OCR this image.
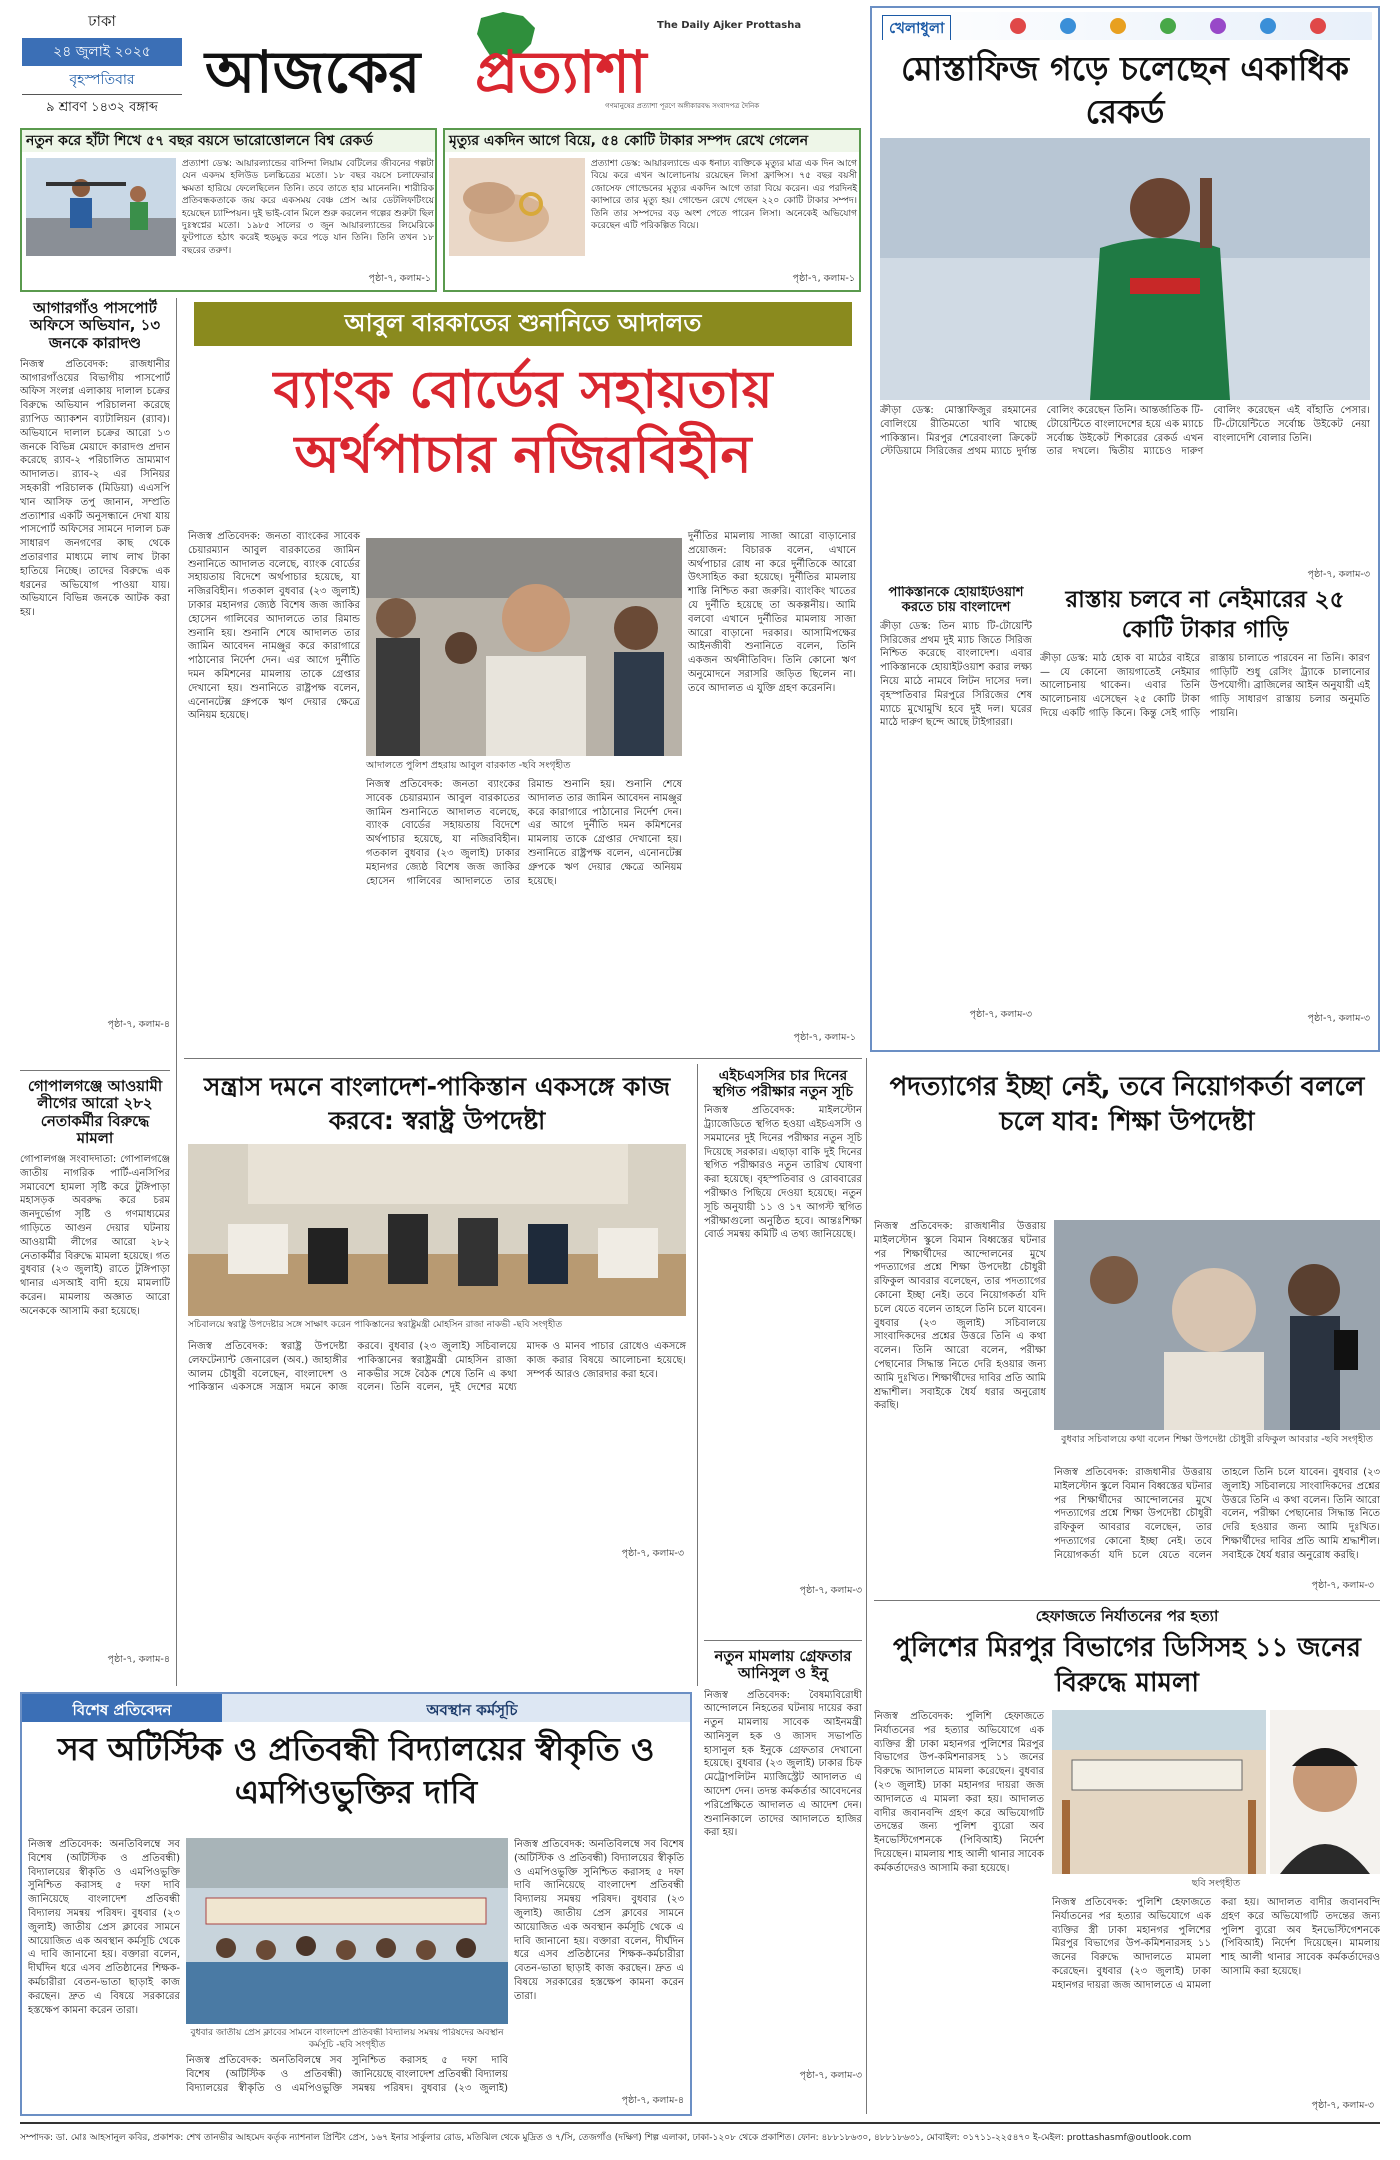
ঢাকা
২৪ জুলাই ২০২৫
বৃহস্পতিবার
৯ শ্রাবণ ১৪৩২ বঙ্গাব্দ
আজকের প্রত্যাশা
The Daily Ajker Prottasha
গণমানুষের প্রত্যাশা পূরণে অঙ্গীকারবদ্ধ সংবাদপত্র দৈনিক
নতুন করে হাঁটা শিখে ৫৭ বছর বয়সে ভারোত্তোলনে বিশ্ব রেকর্ড
প্রত্যাশা ডেস্ক: আয়ারল্যান্ডের বাসিন্দা লিয়াম বেটিলের জীবনের গল্পটা যেন একদম হলিউড চলচ্চিত্রের মতো। ১৮ বছর বয়সে চলাফেরার ক্ষমতা হারিয়ে ফেলেছিলেন তিনি। তবে তাতে হার মানেননি। শারীরিক প্রতিবন্ধকতাকে জয় করে একসময় বেঞ্চ প্রেস আর ডেটলিফটিংয়ে হয়েছেন চ্যাম্পিয়ন। দুই ভাই-বোন মিলে শুরু করলেন গল্পের শুরুটা ছিল দুঃস্বপ্নের মতো। ১৯৮৫ সালের ৩ জুন আয়ারল্যান্ডের লিমেরিকে ফুটপাতে হঠাৎ করেই হুড়মুড় করে পড়ে যান তিনি। তিনি তখন ১৮ বছরের তরুণ।
পৃষ্ঠা-৭, কলাম-১
মৃত্যুর একদিন আগে বিয়ে, ৫৪ কোটি টাকার সম্পদ রেখে গেলেন
প্রত্যাশা ডেস্ক: আয়ারল্যান্ডে এক ধনাঢ্য ব্যক্তিকে মৃত্যুর মাত্র এক দিন আগে বিয়ে করে এখন আলোচনায় রয়েছেন লিসা ফ্রান্সিস। ৭৫ বছর বয়সী জোসেফ গোল্ডেনের মৃত্যুর একদিন আগে তারা বিয়ে করেন। এর পরদিনই ক্যান্সারে তার মৃত্যু হয়। গোল্ডেন রেখে গেছেন ২২০ কোটি টাকার সম্পদ। তিনি তার সম্পদের বড় অংশ পেতে পারেন লিসা। অনেকেই অভিযোগ করেছেন এটি পরিকল্পিত বিয়ে।
পৃষ্ঠা-৭, কলাম-১
আগারগাঁও পাসপোর্ট অফিসে অভিযান, ১৩ জনকে কারাদণ্ড
নিজস্ব প্রতিবেদক: রাজধানীর আগারগাঁওয়ের বিভাগীয় পাসপোর্ট অফিস সংলগ্ন এলাকায় দালাল চক্রের বিরুদ্ধে অভিযান পরিচালনা করেছে র‍্যাপিড অ্যাকশন ব্যাটালিয়ন (র‍্যাব)। অভিযানে দালাল চক্রের আরো ১৩ জনকে বিভিন্ন মেয়াদে কারাদণ্ড প্রদান করেছে র‍্যাব-২ পরিচালিত ভ্রাম্যমাণ আদালত। র‍্যাব-২ এর সিনিয়র সহকারী পরিচালক (মিডিয়া) এএসপি খান আসিফ তপু জানান, সম্প্রতি প্রত্যাশার একটি অনুসন্ধানে দেখা যায় পাসপোর্ট অফিসের সামনে দালাল চক্র সাধারণ জনগণের কাছ থেকে প্রতারণার মাধ্যমে লাখ লাখ টাকা হাতিয়ে নিচ্ছে। তাদের বিরুদ্ধে এক ধরনের অভিযোগ পাওয়া যায়। অভিযানে বিভিন্ন জনকে আটক করা হয়।
পৃষ্ঠা-৭, কলাম-৪
গোপালগঞ্জে আওয়ামী লীগের আরো ২৮২ নেতাকর্মীর বিরুদ্ধে মামলা
গোপালগঞ্জ সংবাদদাতা: গোপালগঞ্জে জাতীয় নাগরিক পার্টি-এনসিপির সমাবেশে হামলা সৃষ্টি করে টুঙ্গিপাড়া মহাসড়ক অবরুদ্ধ করে চরম জনদুর্ভোগ সৃষ্টি ও গণমাধ্যমের গাড়িতে আগুন দেয়ার ঘটনায় আওয়ামী লীগের আরো ২৮২ নেতাকর্মীর বিরুদ্ধে মামলা হয়েছে। গত বুধবার (২৩ জুলাই) রাতে টুঙ্গিপাড়া থানার এসআই বাদী হয়ে মামলাটি করেন। মামলায় অজ্ঞাত আরো অনেককে আসামি করা হয়েছে।
পৃষ্ঠা-৭, কলাম-৪
আবুল বারকাতের শুনানিতে আদালত
ব্যাংক বোর্ডের সহায়তায় অর্থপাচার নজিরবিহীন
নিজস্ব প্রতিবেদক: জনতা ব্যাংকের সাবেক চেয়ারম্যান আবুল বারকাতের জামিন শুনানিতে আদালত বলেছে, ব্যাংক বোর্ডের সহায়তায় বিদেশে অর্থপাচার হয়েছে, যা নজিরবিহীন। গতকাল বুধবার (২৩ জুলাই) ঢাকার মহানগর জ্যেষ্ঠ বিশেষ জজ জাকির হোসেন গালিবের আদালতে তার রিমান্ড শুনানি হয়। শুনানি শেষে আদালত তার জামিন আবেদন নামঞ্জুর করে কারাগারে পাঠানোর নির্দেশ দেন। এর আগে দুর্নীতি দমন কমিশনের মামলায় তাকে গ্রেপ্তার দেখানো হয়। শুনানিতে রাষ্ট্রপক্ষ বলেন, এনোনটেক্স গ্রুপকে ঋণ দেয়ার ক্ষেত্রে অনিয়ম হয়েছে।
আদালতে পুলিশ প্রহরায় আবুল বারকাত -ছবি সংগৃহীত
নিজস্ব প্রতিবেদক: জনতা ব্যাংকের সাবেক চেয়ারম্যান আবুল বারকাতের জামিন শুনানিতে আদালত বলেছে, ব্যাংক বোর্ডের সহায়তায় বিদেশে অর্থপাচার হয়েছে, যা নজিরবিহীন। গতকাল বুধবার (২৩ জুলাই) ঢাকার মহানগর জ্যেষ্ঠ বিশেষ জজ জাকির হোসেন গালিবের আদালতে তার রিমান্ড শুনানি হয়। শুনানি শেষে আদালত তার জামিন আবেদন নামঞ্জুর করে কারাগারে পাঠানোর নির্দেশ দেন। এর আগে দুর্নীতি দমন কমিশনের মামলায় তাকে গ্রেপ্তার দেখানো হয়। শুনানিতে রাষ্ট্রপক্ষ বলেন, এনোনটেক্স গ্রুপকে ঋণ দেয়ার ক্ষেত্রে অনিয়ম হয়েছে।
দুর্নীতির মামলায় সাজা আরো বাড়ানোর প্রয়োজন: বিচারক বলেন, এখানে অর্থপাচার রোধ না করে দুর্নীতিকে আরো উৎসাহিত করা হয়েছে। দুর্নীতির মামলায় শাস্তি নিশ্চিত করা জরুরি। ব্যাংকিং খাতের যে দুর্নীতি হয়েছে তা অকল্পনীয়। আমি বলবো এখানে দুর্নীতির মামলায় সাজা আরো বাড়ানো দরকার। আসামিপক্ষের আইনজীবী শুনানিতে বলেন, তিনি একজন অর্থনীতিবিদ। তিনি কোনো ঋণ অনুমোদনে সরাসরি জড়িত ছিলেন না। তবে আদালত এ যুক্তি গ্রহণ করেননি।
পৃষ্ঠা-৭, কলাম-১
খেলাধুলা
মোস্তাফিজ গড়ে চলেছেন একাধিক রেকর্ড
ক্রীড়া ডেস্ক: মোস্তাফিজুর রহমানের বোলিংয়ে রীতিমতো খাবি খাচ্ছে পাকিস্তান। মিরপুর শেরেবাংলা ক্রিকেট স্টেডিয়ামে সিরিজের প্রথম ম্যাচে দুর্দান্ত বোলিং করেছেন তিনি। আন্তর্জাতিক টি-টোয়েন্টিতে বাংলাদেশের হয়ে এক ম্যাচে সর্বোচ্চ উইকেট শিকারের রেকর্ড এখন তার দখলে। দ্বিতীয় ম্যাচেও দারুণ বোলিং করেছেন এই বাঁহাতি পেসার। টি-টোয়েন্টিতে সর্বোচ্চ উইকেট নেয়া বাংলাদেশি বোলার তিনি।
পৃষ্ঠা-৭, কলাম-৩
পাকিস্তানকে হোয়াইটওয়াশ করতে চায় বাংলাদেশ
ক্রীড়া ডেস্ক: তিন ম্যাচ টি-টোয়েন্টি সিরিজের প্রথম দুই ম্যাচ জিতে সিরিজ নিশ্চিত করেছে বাংলাদেশ। এবার পাকিস্তানকে হোয়াইটওয়াশ করার লক্ষ্য নিয়ে মাঠে নামবে লিটন দাসের দল। বৃহস্পতিবার মিরপুরে সিরিজের শেষ ম্যাচে মুখোমুখি হবে দুই দল। ঘরের মাঠে দারুণ ছন্দে আছে টাইগাররা।
পৃষ্ঠা-৭, কলাম-৩
রাস্তায় চলবে না নেইমারের ২৫ কোটি টাকার গাড়ি
ক্রীড়া ডেস্ক: মাঠ হোক বা মাঠের বাইরে— যে কোনো জায়গাতেই নেইমার আলোচনায় থাকেন। এবার তিনি আলোচনায় এসেছেন ২৫ কোটি টাকা দিয়ে একটি গাড়ি কিনে। কিন্তু সেই গাড়ি রাস্তায় চালাতে পারবেন না তিনি। কারণ গাড়িটি শুধু রেসিং ট্র্যাকে চালানোর উপযোগী। ব্রাজিলের আইন অনুযায়ী এই গাড়ি সাধারণ রাস্তায় চলার অনুমতি পায়নি।
পৃষ্ঠা-৭, কলাম-৩
সন্ত্রাস দমনে বাংলাদেশ-পাকিস্তান একসঙ্গে কাজ করবে: স্বরাষ্ট্র উপদেষ্টা
সচিবালয়ে স্বরাষ্ট্র উপদেষ্টার সঙ্গে সাক্ষাৎ করেন পাকিস্তানের স্বরাষ্ট্রমন্ত্রী মোহসিন রাজা নাকভী -ছবি সংগৃহীত
নিজস্ব প্রতিবেদক: স্বরাষ্ট্র উপদেষ্টা লেফটেন্যান্ট জেনারেল (অব.) জাহাঙ্গীর আলম চৌধুরী বলেছেন, বাংলাদেশ ও পাকিস্তান একসঙ্গে সন্ত্রাস দমনে কাজ করবে। বুধবার (২৩ জুলাই) সচিবালয়ে পাকিস্তানের স্বরাষ্ট্রমন্ত্রী মোহসিন রাজা নাকভীর সঙ্গে বৈঠক শেষে তিনি এ কথা বলেন। তিনি বলেন, দুই দেশের মধ্যে মাদক ও মানব পাচার রোধেও একসঙ্গে কাজ করার বিষয়ে আলোচনা হয়েছে। সম্পর্ক আরও জোরদার করা হবে।
পৃষ্ঠা-৭, কলাম-৩
এইচএসসির চার দিনের স্থগিত পরীক্ষার নতুন সূচি
নিজস্ব প্রতিবেদক: মাইলস্টোন ট্র্যাজেডিতে স্থগিত হওয়া এইচএসসি ও সমমানের দুই দিনের পরীক্ষার নতুন সূচি দিয়েছে সরকার। এছাড়া বাকি দুই দিনের স্থগিত পরীক্ষারও নতুন তারিখ ঘোষণা করা হয়েছে। বৃহস্পতিবার ও রোববারের পরীক্ষাও পিছিয়ে দেওয়া হয়েছে। নতুন সূচি অনুযায়ী ১১ ও ১৭ আগস্ট স্থগিত পরীক্ষাগুলো অনুষ্ঠিত হবে। আন্তঃশিক্ষা বোর্ড সমন্বয় কমিটি এ তথ্য জানিয়েছে।
পৃষ্ঠা-৭, কলাম-৩
নতুন মামলায় গ্রেফতার আনিসুল ও ইনু
নিজস্ব প্রতিবেদক: বৈষম্যবিরোধী আন্দোলনে নিহতের ঘটনায় দায়ের করা নতুন মামলায় সাবেক আইনমন্ত্রী আনিসুল হক ও জাসদ সভাপতি হাসানুল হক ইনুকে গ্রেফতার দেখানো হয়েছে। বুধবার (২৩ জুলাই) ঢাকার চিফ মেট্রোপলিটন ম্যাজিস্ট্রেট আদালত এ আদেশ দেন। তদন্ত কর্মকর্তার আবেদনের পরিপ্রেক্ষিতে আদালত এ আদেশ দেন। শুনানিকালে তাদের আদালতে হাজির করা হয়।
পৃষ্ঠা-৭, কলাম-৩
পদত্যাগের ইচ্ছা নেই, তবে নিয়োগকর্তা বললে চলে যাব: শিক্ষা উপদেষ্টা
নিজস্ব প্রতিবেদক: রাজধানীর উত্তরায় মাইলস্টোন স্কুলে বিমান বিধ্বস্তের ঘটনার পর শিক্ষার্থীদের আন্দোলনের মুখে পদত্যাগের প্রশ্নে শিক্ষা উপদেষ্টা চৌধুরী রফিকুল আবরার বলেছেন, তার পদত্যাগের কোনো ইচ্ছা নেই। তবে নিয়োগকর্তা যদি চলে যেতে বলেন তাহলে তিনি চলে যাবেন। বুধবার (২৩ জুলাই) সচিবালয়ে সাংবাদিকদের প্রশ্নের উত্তরে তিনি এ কথা বলেন। তিনি আরো বলেন, পরীক্ষা পেছানোর সিদ্ধান্ত নিতে দেরি হওয়ার জন্য আমি দুঃখিত। শিক্ষার্থীদের দাবির প্রতি আমি শ্রদ্ধাশীল। সবাইকে ধৈর্য ধরার অনুরোধ করছি।
বুধবার সচিবালয়ে কথা বলেন শিক্ষা উপদেষ্টা চৌধুরী রফিকুল আবরার -ছবি সংগৃহীত
নিজস্ব প্রতিবেদক: রাজধানীর উত্তরায় মাইলস্টোন স্কুলে বিমান বিধ্বস্তের ঘটনার পর শিক্ষার্থীদের আন্দোলনের মুখে পদত্যাগের প্রশ্নে শিক্ষা উপদেষ্টা চৌধুরী রফিকুল আবরার বলেছেন, তার পদত্যাগের কোনো ইচ্ছা নেই। তবে নিয়োগকর্তা যদি চলে যেতে বলেন তাহলে তিনি চলে যাবেন। বুধবার (২৩ জুলাই) সচিবালয়ে সাংবাদিকদের প্রশ্নের উত্তরে তিনি এ কথা বলেন। তিনি আরো বলেন, পরীক্ষা পেছানোর সিদ্ধান্ত নিতে দেরি হওয়ার জন্য আমি দুঃখিত। শিক্ষার্থীদের দাবির প্রতি আমি শ্রদ্ধাশীল। সবাইকে ধৈর্য ধরার অনুরোধ করছি।
পৃষ্ঠা-৭, কলাম-৩
হেফাজতে নির্যাতনের পর হত্যা
পুলিশের মিরপুর বিভাগের ডিসিসহ ১১ জনের বিরুদ্ধে মামলা
নিজস্ব প্রতিবেদক: পুলিশি হেফাজতে নির্যাতনের পর হত্যার অভিযোগে এক ব্যক্তির স্ত্রী ঢাকা মহানগর পুলিশের মিরপুর বিভাগের উপ-কমিশনারসহ ১১ জনের বিরুদ্ধে আদালতে মামলা করেছেন। বুধবার (২৩ জুলাই) ঢাকা মহানগর দায়রা জজ আদালতে এ মামলা করা হয়। আদালত বাদীর জবানবন্দি গ্রহণ করে অভিযোগটি তদন্তের জন্য পুলিশ ব্যুরো অব ইনভেস্টিগেশনকে (পিবিআই) নির্দেশ দিয়েছেন। মামলায় শাহ আলী থানার সাবেক কর্মকর্তাদেরও আসামি করা হয়েছে।
ছবি সংগৃহীত
নিজস্ব প্রতিবেদক: পুলিশি হেফাজতে নির্যাতনের পর হত্যার অভিযোগে এক ব্যক্তির স্ত্রী ঢাকা মহানগর পুলিশের মিরপুর বিভাগের উপ-কমিশনারসহ ১১ জনের বিরুদ্ধে আদালতে মামলা করেছেন। বুধবার (২৩ জুলাই) ঢাকা মহানগর দায়রা জজ আদালতে এ মামলা করা হয়। আদালত বাদীর জবানবন্দি গ্রহণ করে অভিযোগটি তদন্তের জন্য পুলিশ ব্যুরো অব ইনভেস্টিগেশনকে (পিবিআই) নির্দেশ দিয়েছেন। মামলায় শাহ আলী থানার সাবেক কর্মকর্তাদেরও আসামি করা হয়েছে।
পৃষ্ঠা-৭, কলাম-৩
বিশেষ প্রতিবেদন	অবস্থান কর্মসূচি
সব অটিস্টিক ও প্রতিবন্ধী বিদ্যালয়ের স্বীকৃতি ও এমপিওভুক্তির দাবি
বুধবার জাতীয় প্রেস ক্লাবের সামনে বাংলাদেশ প্রতিবন্ধী বিদ্যালয় সমন্বয় পরিষদের অবস্থান কর্মসূচি -ছবি সংগৃহীত
নিজস্ব প্রতিবেদক: অনতিবিলম্বে সব বিশেষ (অটিস্টিক ও প্রতিবন্ধী) বিদ্যালয়ের স্বীকৃতি ও এমপিওভুক্তি সুনিশ্চিত করাসহ ৫ দফা দাবি জানিয়েছে বাংলাদেশ প্রতিবন্ধী বিদ্যালয় সমন্বয় পরিষদ। বুধবার (২৩ জুলাই) জাতীয় প্রেস ক্লাবের সামনে আয়োজিত এক অবস্থান কর্মসূচি থেকে এ দাবি জানানো হয়। বক্তারা বলেন, দীর্ঘদিন ধরে এসব প্রতিষ্ঠানের শিক্ষক-কর্মচারীরা বেতন-ভাতা ছাড়াই কাজ করছেন। দ্রুত এ বিষয়ে সরকারের হস্তক্ষেপ কামনা করেন তারা।
নিজস্ব প্রতিবেদক: অনতিবিলম্বে সব বিশেষ (অটিস্টিক ও প্রতিবন্ধী) বিদ্যালয়ের স্বীকৃতি ও এমপিওভুক্তি সুনিশ্চিত করাসহ ৫ দফা দাবি জানিয়েছে বাংলাদেশ প্রতিবন্ধী বিদ্যালয় সমন্বয় পরিষদ। বুধবার (২৩ জুলাই) জাতীয় প্রেস ক্লাবের সামনে আয়োজিত এক অবস্থান কর্মসূচি থেকে এ দাবি জানানো হয়। বক্তারা বলেন, দীর্ঘদিন ধরে এসব প্রতিষ্ঠানের শিক্ষক-কর্মচারীরা বেতন-ভাতা ছাড়াই কাজ করছেন। দ্রুত এ বিষয়ে সরকারের হস্তক্ষেপ কামনা করেন তারা।
নিজস্ব প্রতিবেদক: অনতিবিলম্বে সব বিশেষ (অটিস্টিক ও প্রতিবন্ধী) বিদ্যালয়ের স্বীকৃতি ও এমপিওভুক্তি সুনিশ্চিত করাসহ ৫ দফা দাবি জানিয়েছে বাংলাদেশ প্রতিবন্ধী বিদ্যালয় সমন্বয় পরিষদ। বুধবার (২৩ জুলাই)
পৃষ্ঠা-৭, কলাম-৪
সম্পাদক: ডা. মোঃ আহসানুল কবির, প্রকাশক: শেখ তানভীর আহমেদ কর্তৃক ন্যাশনাল প্রিন্টিং প্রেস, ১৬৭ ইনার সার্কুলার রোড, মতিঝিল থেকে মুদ্রিত ও ৭/সি, তেজগাঁও (দক্ষিণ) শিল্প এলাকা, ঢাকা-১২০৮ থেকে প্রকাশিত। ফোন: ৪৮৮১৮৬৩০, ৪৮৮১৮৬৩১, মোবাইল: ০১৭১১-২২৫৪৭০ ই-মেইল: prottashasmf@outlook.com
